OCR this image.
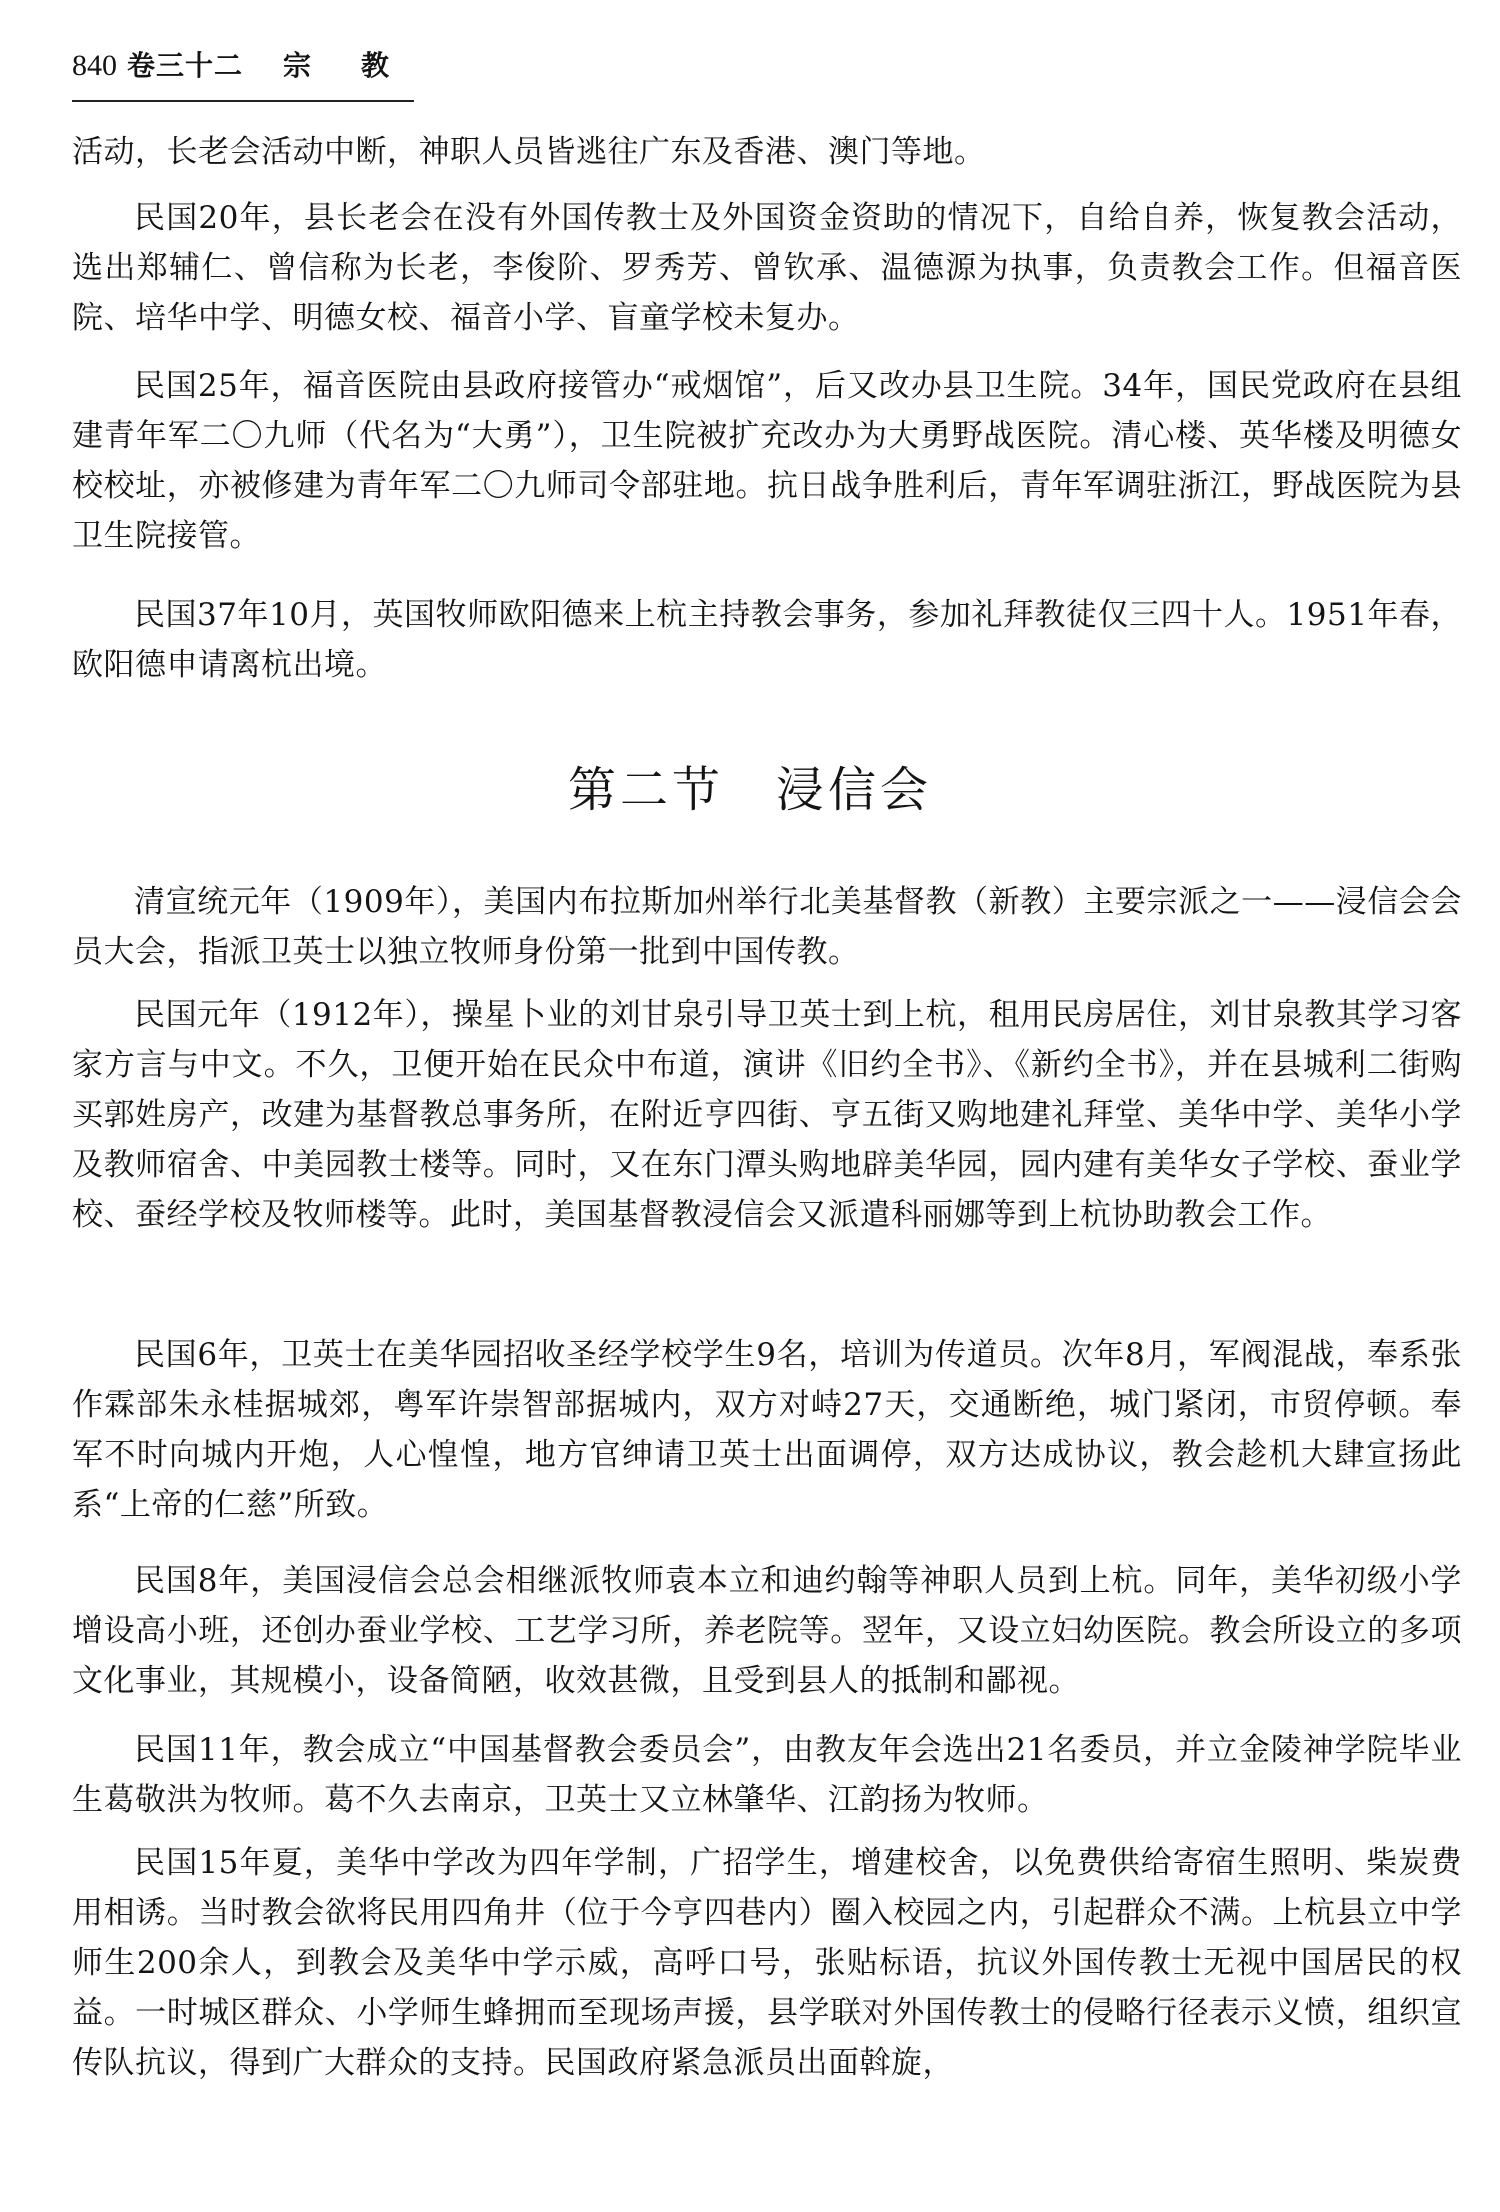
840 卷三十二 宗教

活动，长老会活动中断，神职人员皆逃往广东及香港、澳门等地。

民国20年，县长老会在没有外国传教士及外国资金资助的情况下，自给自养，恢复教会活动，选出郑辅仁、曾信称为长老，李俊阶、罗秀芳、曾钦承、温德源为执事，负责教会工作。但福音医院、培华中学、明德女校、福音小学、盲童学校未复办。

民国25年，福音医院由县政府接管办“戒烟馆”，后又改办县卫生院。34年，国民党政府在县组建青年军二〇九师（代名为“大勇”），卫生院被扩充改办为大勇野战医院。清心楼、英华楼及明德女校校址，亦被修建为青年军二〇九师司令部驻地。抗日战争胜利后，青年军调驻浙江，野战医院为县卫生院接管。

民国37年10月，英国牧师欧阳德来上杭主持教会事务，参加礼拜教徒仅三四十人。1951年春，欧阳德申请离杭出境。

第二节　浸信会

清宣统元年（1909年），美国内布拉斯加州举行北美基督教（新教）主要宗派之一——浸信会会员大会，指派卫英士以独立牧师身份第一批到中国传教。

民国元年（1912年），操星卜业的刘甘泉引导卫英士到上杭，租用民房居住，刘甘泉教其学习客家方言与中文。不久，卫便开始在民众中布道，演讲《旧约全书》、《新约全书》，并在县城利二街购买郭姓房产，改建为基督教总事务所，在附近亨四街、亨五街又购地建礼拜堂、美华中学、美华小学及教师宿舍、中美园教士楼等。同时，又在东门潭头购地辟美华园，园内建有美华女子学校、蚕业学校、蚕经学校及牧师楼等。此时，美国基督教浸信会又派遣科丽娜等到上杭协助教会工作。

民国6年，卫英士在美华园招收圣经学校学生9名，培训为传道员。次年8月，军阀混战，奉系张作霖部朱永桂据城郊，粤军许崇智部据城内，双方对峙27天，交通断绝，城门紧闭，市贸停顿。奉军不时向城内开炮，人心惶惶，地方官绅请卫英士出面调停，双方达成协议，教会趁机大肆宣扬此系“上帝的仁慈”所致。

民国8年，美国浸信会总会相继派牧师袁本立和迪约翰等神职人员到上杭。同年，美华初级小学增设高小班，还创办蚕业学校、工艺学习所，养老院等。翌年，又设立妇幼医院。教会所设立的多项文化事业，其规模小，设备简陋，收效甚微，且受到县人的抵制和鄙视。

民国11年，教会成立“中国基督教会委员会”，由教友年会选出21名委员，并立金陵神学院毕业生葛敬洪为牧师。葛不久去南京，卫英士又立林肇华、江韵扬为牧师。

民国15年夏，美华中学改为四年学制，广招学生，增建校舍，以免费供给寄宿生照明、柴炭费用相诱。当时教会欲将民用四角井（位于今亨四巷内）圈入校园之内，引起群众不满。上杭县立中学师生200余人，到教会及美华中学示威，高呼口号，张贴标语，抗议外国传教士无视中国居民的权益。一时城区群众、小学师生蜂拥而至现场声援，县学联对外国传教士的侵略行径表示义愤，组织宣传队抗议，得到广大群众的支持。民国政府紧急派员出面斡旋，
